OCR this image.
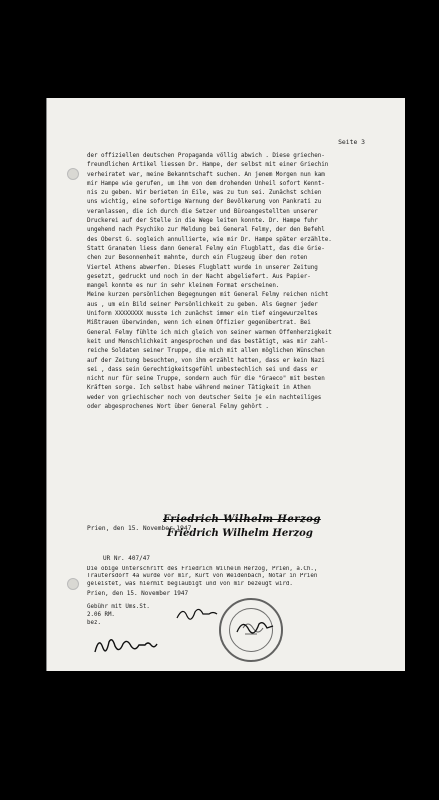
Seite 3
der offiziellen deutschen Propaganda völlig abwich . Diese griechen-
freundlichen Artikel liessen Dr. Hampe, der selbst mit einer Griechin
verheiratet war, meine Bekanntschaft suchen. An jenem Morgen nun kam
mir Hampe wie gerufen, um ihm von dem drohenden Unheil sofort Kennt-
nis zu geben. Wir berieten in Eile, was zu tun sei. Zunächst schien
uns wichtig, eine sofortige Warnung der Bevölkerung von Pankrati zu
veranlassen, die ich durch die Setzer und Büroangestellten unserer
Druckerei auf der Stelle in die Wege leiten konnte. Dr. Hampe fuhr
ungehend nach Psychiko zur Meldung bei General Felmy, der den Befehl
des Oberst G. sogleich annullierte, wie mir Dr. Hampe später erzählte.
Statt Granaten liess dann General Felmy ein Flugblatt, das die Grie-
chen zur Besonnenheit mahnte, durch ein Flugzeug über den roten
Viertel Athens abwerfen. Dieses Flugblatt wurde in unserer Zeitung
gesetzt, gedruckt und noch in der Nacht abgeliefert. Aus Papier-
mangel konnte es nur in sehr kleinem Format erscheinen.
Meine kurzen persönlichen Begegnungen mit General Felmy reichen nicht
aus , um ein Bild seiner Persönlichkeit zu geben. Als Gegner jeder
Uniform XXXXXXXX musste ich zunächst immer ein tief eingewurzeltes
Mißtrauen überwinden, wenn ich einem Offizier gegenübertrat. Bei
General Felmy fühlte ich mich gleich von seiner warmen Offenherzigkeit
keit und Menschlichkeit angesprochen und das bestätigt, was mir zahl-
reiche Soldaten seiner Truppe, die mich mit allen möglichen Wünschen
auf der Zeitung besuchten, von ihm erzählt hatten, dass er kein Nazi
sei , dass sein Gerechtigkeitsgefühl unbestechlich sei und dass er
nicht nur für seine Truppe, sondern auch für die "Graeco" mit besten
Kräften sorge. Ich selbst habe während meiner Tätigkeit in Athen
weder von griechischer noch von deutscher Seite je ein nachteiliges
oder abgesprochenes Wort über General Felmy gehört .
Prien, den 15. November 1947
Friedrich Wilhelm Herzog
Friedrich Wilhelm Herzog
UR Nr. 407/47
Die obige Unterschrift des Friedrich Wilhelm Herzog, Prien, a.Ch.,
Trautersdorf 4a wurde vor mir, Kurt von Weidenbach, Notar in Prien
geleistet, was hiermit beglaubigt und von mir bezeugt wird.
Prien, den 15. November 1947
Gebühr mit Ums.St.
2.06 RM.
bez.
